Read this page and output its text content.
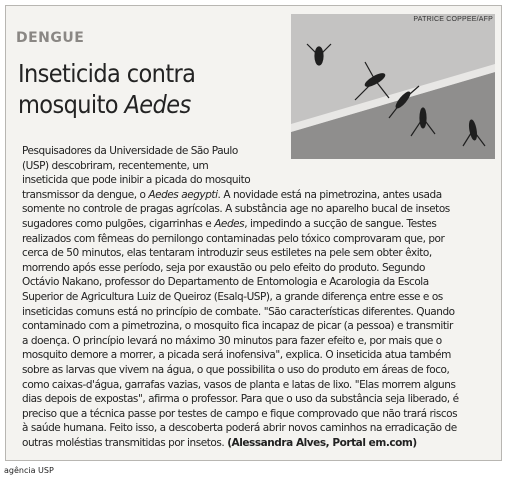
PATRICE COPPEE/AFP
DENGUE
Inseticida contra
mosquito Aedes
Pesquisadores da Universidade de São Paulo
(USP) descobriram, recentemente, um
inseticida que pode inibir a picada do mosquito
transmissor da dengue, o Aedes aegypti. A novidade está na pimetrozina, antes usada
somente no controle de pragas agrícolas. A substância age no aparelho bucal de insetos
sugadores como pulgões, cigarrinhas e Aedes, impedindo a sucção de sangue. Testes
realizados com fêmeas do pernilongo contaminadas pelo tóxico comprovaram que, por
cerca de 50 minutos, elas tentaram introduzir seus estiletes na pele sem obter êxito,
morrendo após esse período, seja por exaustão ou pelo efeito do produto. Segundo
Octávio Nakano, professor do Departamento de Entomologia e Acarologia da Escola
Superior de Agricultura Luiz de Queiroz (Esalq-USP), a grande diferença entre esse e os
inseticidas comuns está no princípio de combate. "São características diferentes. Quando
contaminado com a pimetrozina, o mosquito fica incapaz de picar (a pessoa) e transmitir
a doença. O princípio levará no máximo 30 minutos para fazer efeito e, por mais que o
mosquito demore a morrer, a picada será inofensiva", explica. O inseticida atua também
sobre as larvas que vivem na água, o que possibilita o uso do produto em áreas de foco,
como caixas-d'água, garrafas vazias, vasos de planta e latas de lixo. "Elas morrem alguns
dias depois de expostas", afirma o professor. Para que o uso da substância seja liberado, é
preciso que a técnica passe por testes de campo e fique comprovado que não trará riscos
à saúde humana. Feito isso, a descoberta poderá abrir novos caminhos na erradicação de
outras moléstias transmitidas por insetos. (Alessandra Alves, Portal em.com)
agência USP
